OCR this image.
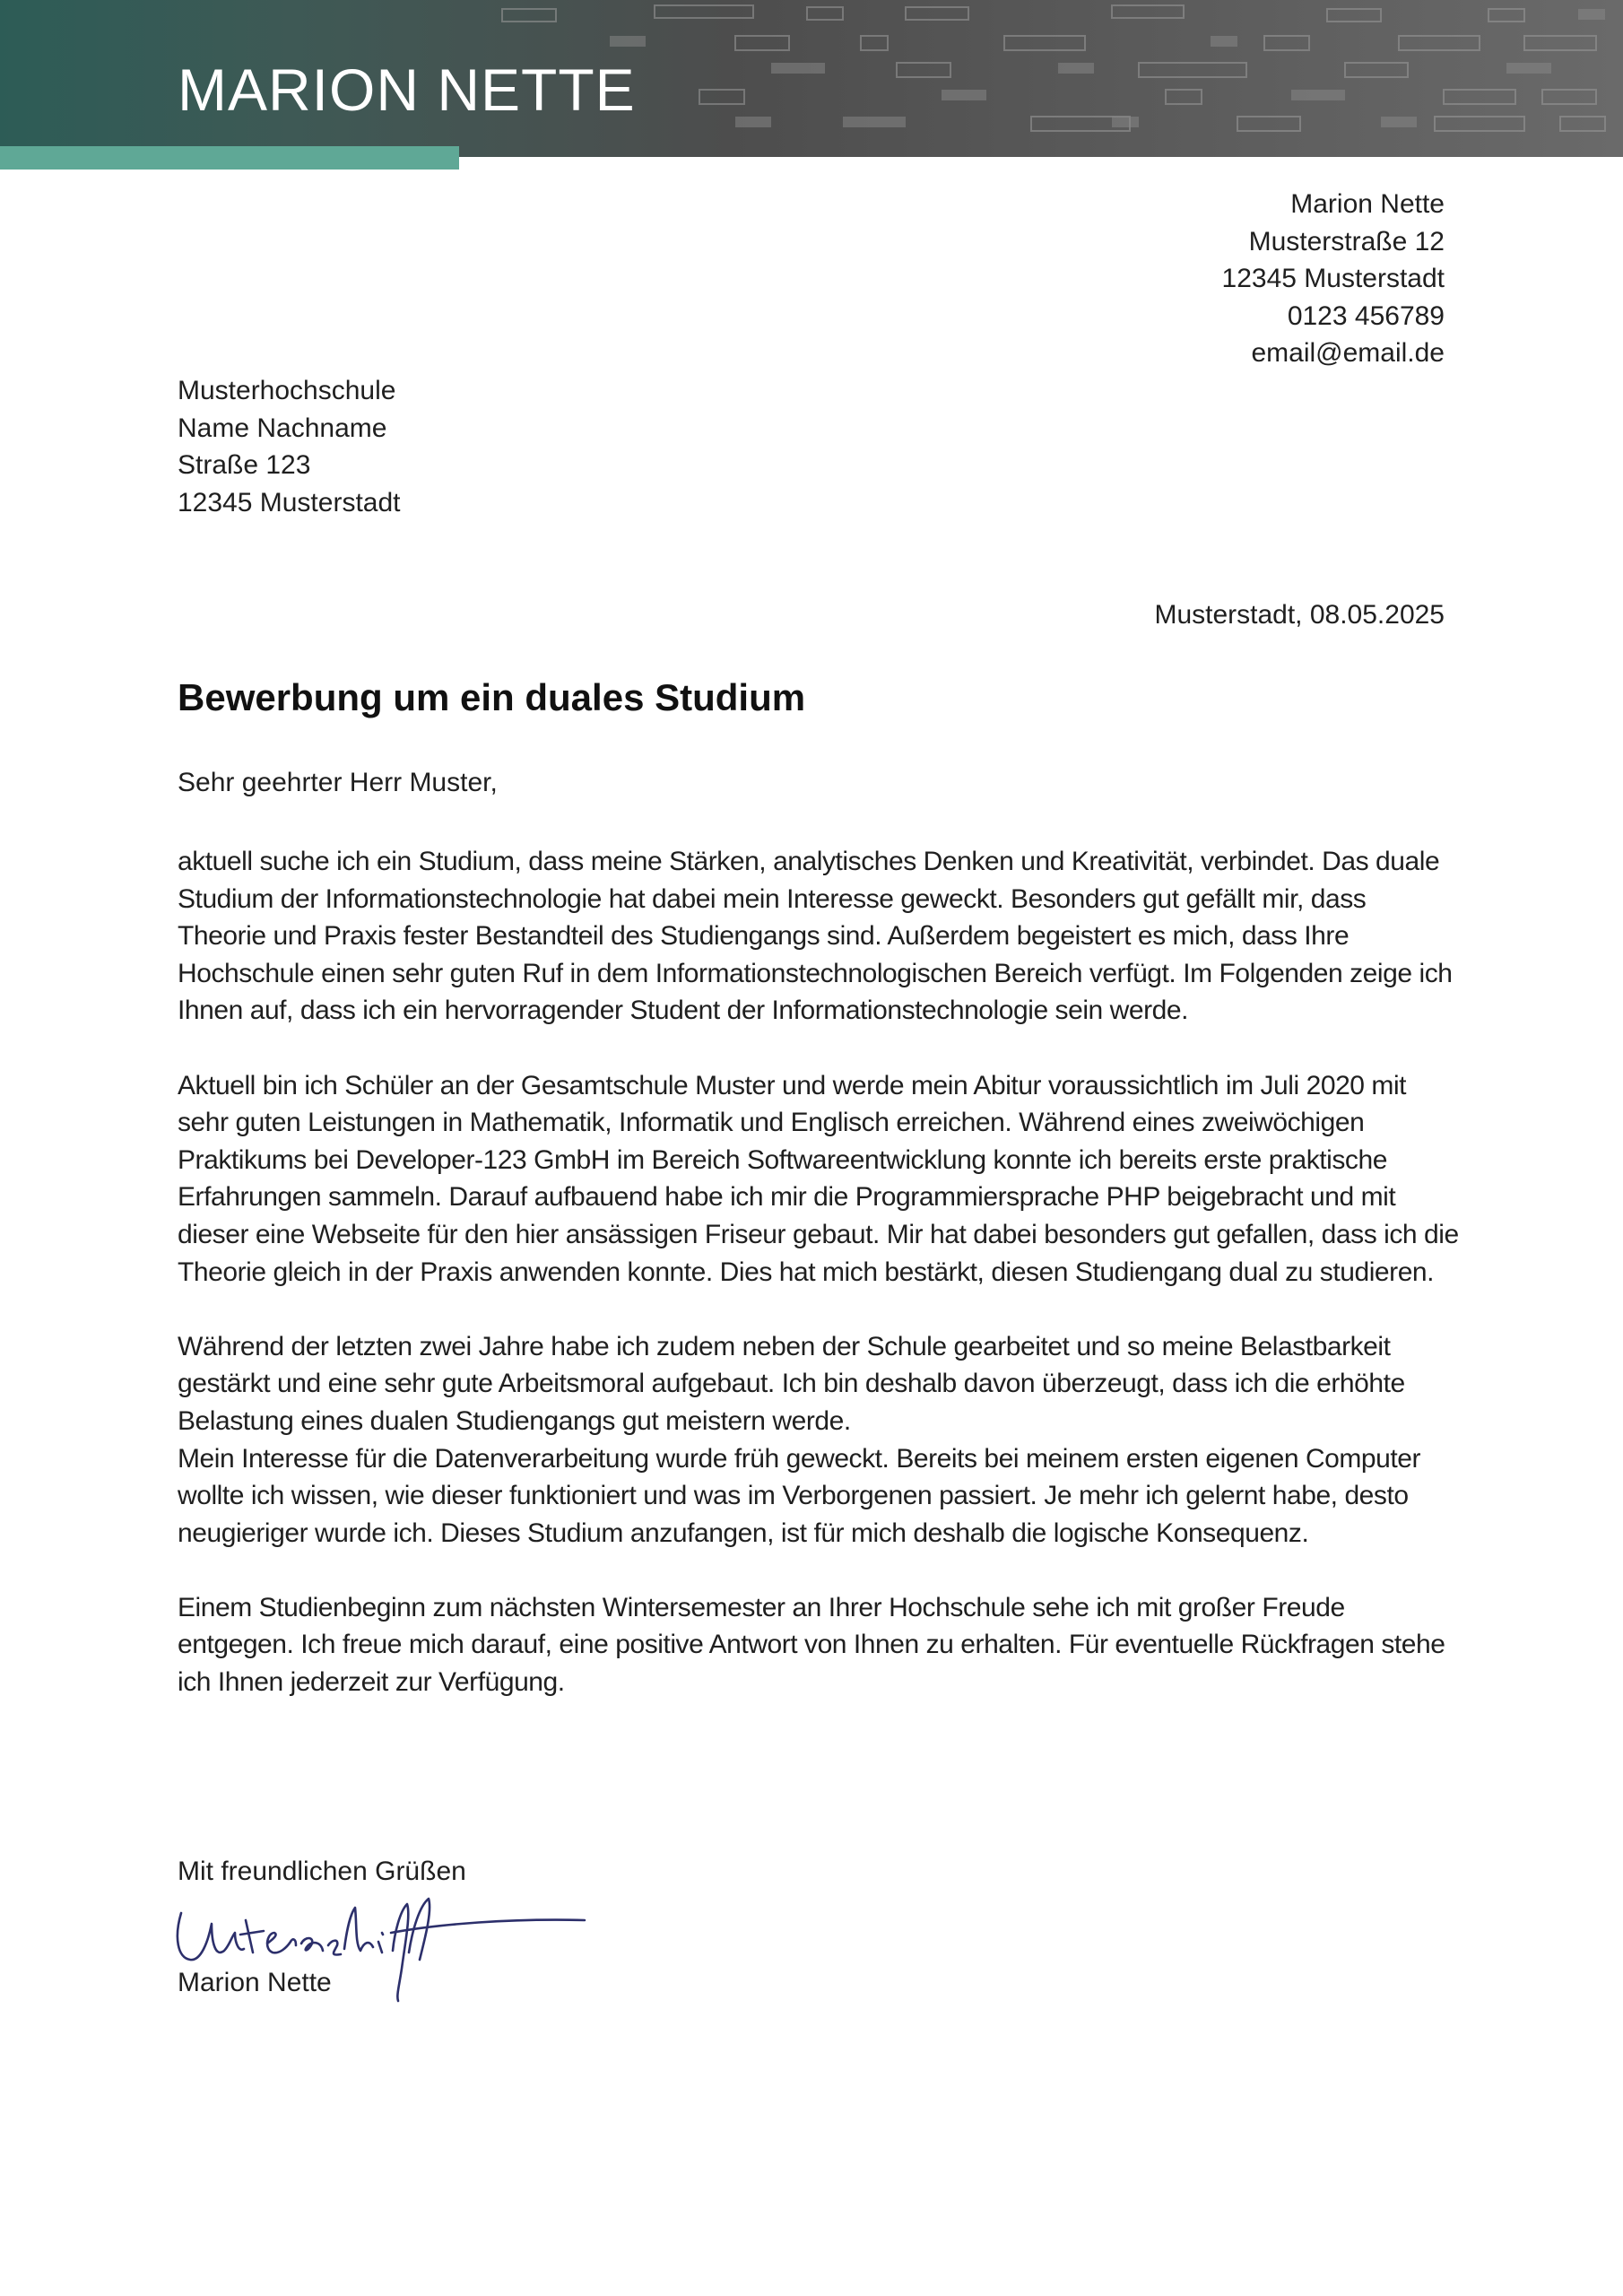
MARION NETTE
Marion Nette
Musterstraße 12
12345 Musterstadt
0123 456789
email@email.de
Musterhochschule
Name Nachname
Straße 123
12345 Musterstadt
Musterstadt, 08.05.2025
Bewerbung um ein duales Studium
Sehr geehrter Herr Muster,

aktuell suche ich ein Studium, dass meine Stärken, analytisches Denken und Kreativität, verbindet. Das duale Studium der Informationstechnologie hat dabei mein Interesse geweckt. Besonders gut gefällt mir, dass Theorie und Praxis fester Bestandteil des Studiengangs sind. Außerdem begeistert es mich, dass Ihre Hochschule einen sehr guten Ruf in dem Informationstechnologischen Bereich verfügt. Im Folgenden zeige ich Ihnen auf, dass ich ein hervorragender Student der Informationstechnologie sein werde.

Aktuell bin ich Schüler an der Gesamtschule Muster und werde mein Abitur voraussichtlich im Juli 2020 mit sehr guten Leistungen in Mathematik, Informatik und Englisch erreichen. Während eines zweiwöchigen Praktikums bei Developer-123 GmbH im Bereich Softwareentwicklung konnte ich bereits erste praktische Erfahrungen sammeln. Darauf aufbauend habe ich mir die Programmiersprache PHP beigebracht und mit dieser eine Webseite für den hier ansässigen Friseur gebaut. Mir hat dabei besonders gut gefallen, dass ich die Theorie gleich in der Praxis anwenden konnte. Dies hat mich bestärkt, diesen Studiengang dual zu studieren.

Während der letzten zwei Jahre habe ich zudem neben der Schule gearbeitet und so meine Belastbarkeit gestärkt und eine sehr gute Arbeitsmoral aufgebaut. Ich bin deshalb davon überzeugt, dass ich die erhöhte Belastung eines dualen Studiengangs gut meistern werde.

Mein Interesse für die Datenverarbeitung wurde früh geweckt. Bereits bei meinem ersten eigenen Computer wollte ich wissen, wie dieser funktioniert und was im Verborgenen passiert. Je mehr ich gelernt habe, desto neugieriger wurde ich. Dieses Studium anzufangen, ist für mich deshalb die logische Konsequenz.

Einem Studienbeginn zum nächsten Wintersemester an Ihrer Hochschule sehe ich mit großer Freude entgegen. Ich freue mich darauf, eine positive Antwort von Ihnen zu erhalten. Für eventuelle Rückfragen stehe ich Ihnen jederzeit zur Verfügung.

Mit freundlichen Grüßen
Marion Nette
